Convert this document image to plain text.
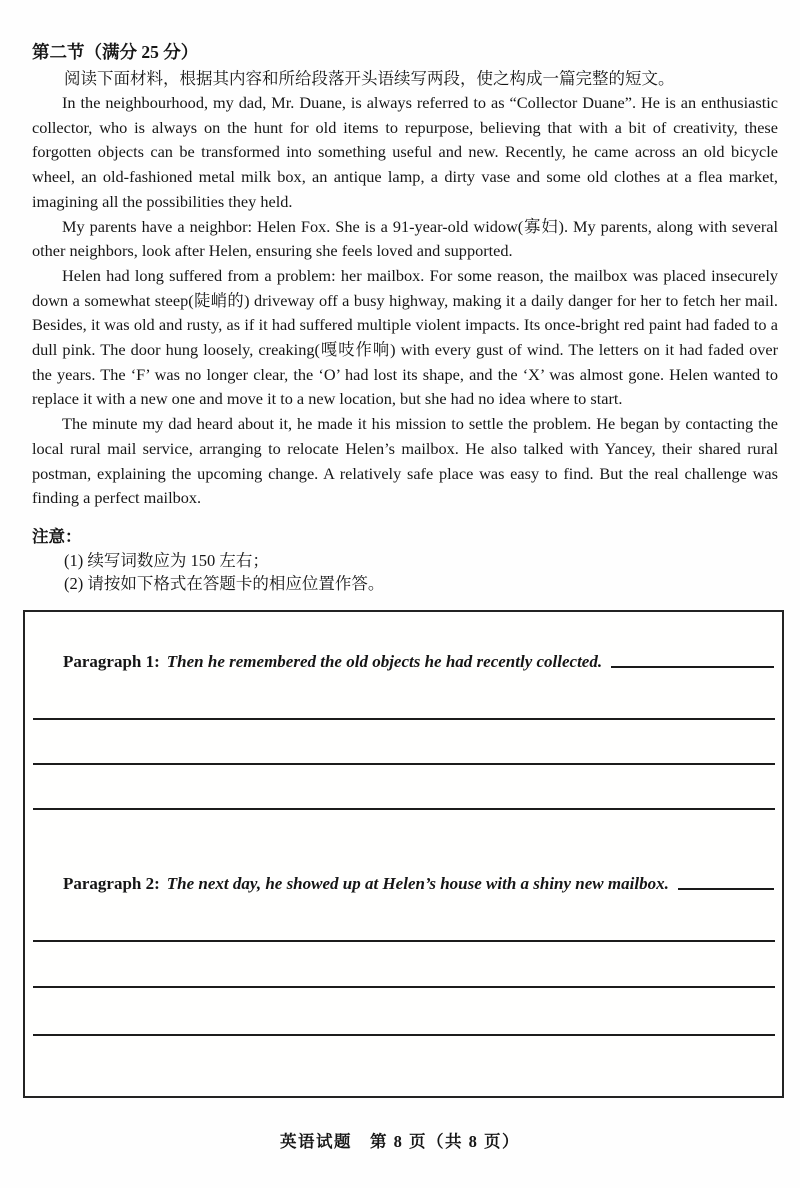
第二节（满分 25 分）

阅读下面材料，根据其内容和所给段落开头语续写两段，使之构成一篇完整的短文。

In the neighbourhood, my dad, Mr. Duane, is always referred to as “Collector Duane”. He is an enthusiastic collector, who is always on the hunt for old items to repurpose, believing that with a bit of creativity, these forgotten objects can be transformed into something useful and new. Recently, he came across an old bicycle wheel, an old-fashioned metal milk box, an antique lamp, a dirty vase and some old clothes at a flea market, imagining all the possibilities they held.

My parents have a neighbor: Helen Fox. She is a 91-year-old widow(寡妇). My parents, along with several other neighbors, look after Helen, ensuring she feels loved and supported.

Helen had long suffered from a problem: her mailbox. For some reason, the mailbox was placed insecurely down a somewhat steep(陡峭的) driveway off a busy highway, making it a daily danger for her to fetch her mail. Besides, it was old and rusty, as if it had suffered multiple violent impacts. Its once-bright red paint had faded to a dull pink. The door hung loosely, creaking(嘎吱作响) with every gust of wind. The letters on it had faded over the years. The ‘F’ was no longer clear, the ‘O’ had lost its shape, and the ‘X’ was almost gone. Helen wanted to replace it with a new one and move it to a new location, but she had no idea where to start.

The minute my dad heard about it, he made it his mission to settle the problem. He began by contacting the local rural mail service, arranging to relocate Helen’s mailbox. He also talked with Yancey, their shared rural postman, explaining the upcoming change. A relatively safe place was easy to find. But the real challenge was finding a perfect mailbox.

注意：

(1) 续写词数应为 150 左右；
(2) 请按如下格式在答题卡的相应位置作答。
Paragraph 1: Then he remembered the old objects he had recently collected.
Paragraph 2: The next day, he showed up at Helen’s house with a shiny new mailbox.
英语试题　第 8 页（共 8 页）
